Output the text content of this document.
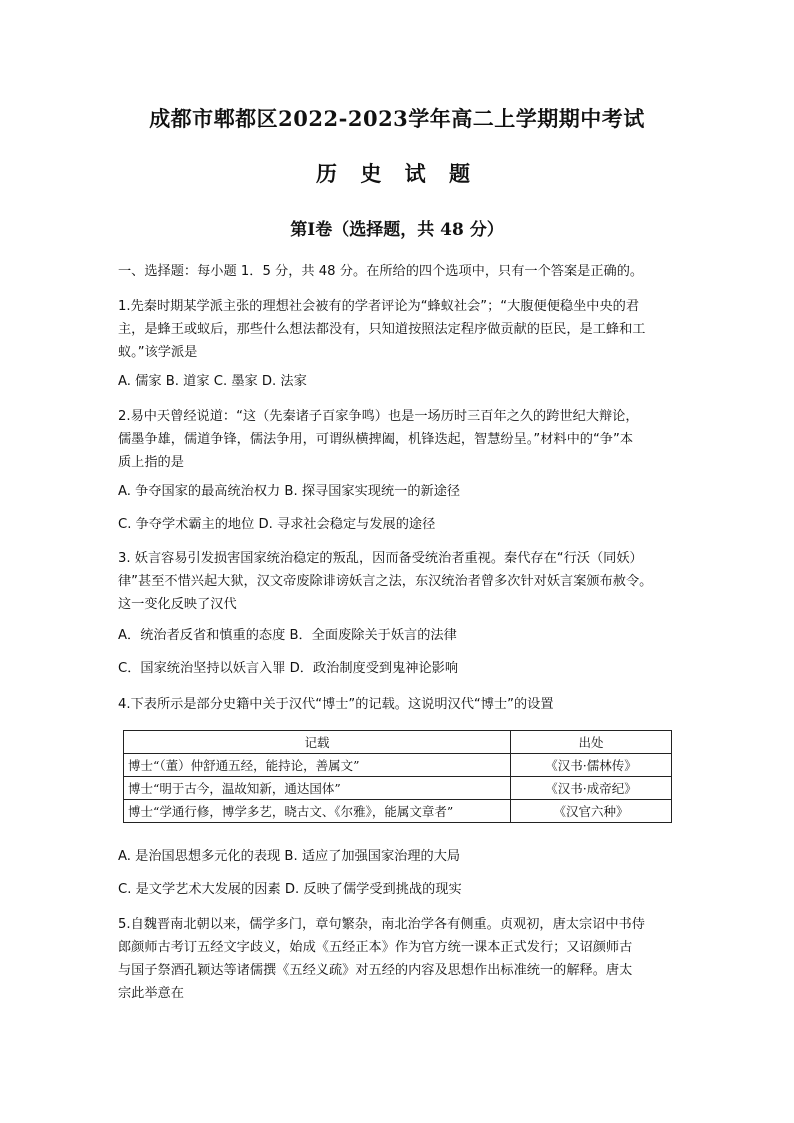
成都市郫都区2022-2023学年高二上学期期中考试
历 史 试 题
第Ⅰ卷（选择题，共 48 分）
一、选择题：每小题 1．5 分，共 48 分。在所给的四个选项中，只有一个答案是正确的。
1.先秦时期某学派主张的理想社会被有的学者评论为“蜂蚁社会”；“大腹便便稳坐中央的君
主，是蜂王或蚁后，那些什么想法都没有，只知道按照法定程序做贡献的臣民，是工蜂和工
蚁。”该学派是
A. 儒家 B. 道家 C. 墨家 D. 法家
2.易中天曾经说道：“这（先秦诸子百家争鸣）也是一场历时三百年之久的跨世纪大辩论，
儒墨争雄，儒道争锋，儒法争用，可谓纵横捭阖，机锋迭起，智慧纷呈。”材料中的“争”本
质上指的是
A. 争夺国家的最高统治权力 B. 探寻国家实现统一的新途径
C. 争夺学术霸主的地位 D. 寻求社会稳定与发展的途径
3. 妖言容易引发损害国家统治稳定的叛乱，因而备受统治者重视。秦代存在“行沃（同妖）
律”甚至不惜兴起大狱，汉文帝废除诽谤妖言之法，东汉统治者曾多次针对妖言案颁布赦令。
这一变化反映了汉代
A．统治者反省和慎重的态度 B．全面废除关于妖言的法律
C．国家统治坚持以妖言入罪 D．政治制度受到鬼神论影响
4.下表所示是部分史籍中关于汉代“博士”的记载。这说明汉代“博士”的设置
记载	出处
博士“（董）仲舒通五经，能持论，善属文”	《汉书·儒林传》
博士“明于古今，温故知新，通达国体”	《汉书·成帝纪》
博士“学通行修，博学多艺，晓古文、《尔雅》，能属文章者”	《汉官六种》
A. 是治国思想多元化的表现 B. 适应了加强国家治理的大局
C. 是文学艺术大发展的因素 D. 反映了儒学受到挑战的现实
5.自魏晋南北朝以来，儒学多门，章句繁杂，南北治学各有侧重。贞观初，唐太宗诏中书侍
郎颜师古考订五经文字歧义，始成《五经正本》作为官方统一课本正式发行；又诏颜师古
与国子祭酒孔颖达等诸儒撰《五经义疏》对五经的内容及思想作出标准统一的解释。唐太
宗此举意在
